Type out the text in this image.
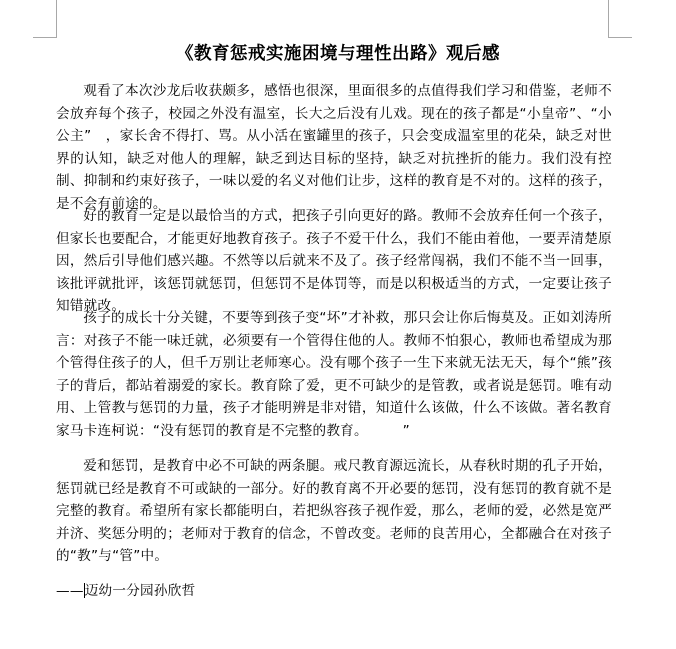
《教育惩戒实施困境与理性出路》观后感

观看了本次沙龙后收获颇多，感悟也很深，里面很多的点值得我们学习和借鉴，老师不会放弃每个孩子，校园之外没有温室，长大之后没有儿戏。现在的孩子都是“小皇帝”、“小公主”　，家长舍不得打、骂。从小活在蜜罐里的孩子，只会变成温室里的花朵，缺乏对世界的认知，缺乏对他人的理解，缺乏到达目标的坚持，缺乏对抗挫折的能力。我们没有控制、抑制和约束好孩子，一味以爱的名义对他们让步，这样的教育是不对的。这样的孩子，是不会有前途的。

好的教育一定是以最恰当的方式，把孩子引向更好的路。教师不会放弃任何一个孩子，但家长也要配合，才能更好地教育孩子。孩子不爱干什么，我们不能由着他，一要弄清楚原因，然后引导他们感兴趣。不然等以后就来不及了。孩子经常闯祸，我们不能不当一回事，该批评就批评，该惩罚就惩罚，但惩罚不是体罚等，而是以积极适当的方式，一定要让孩子知错就改。

孩子的成长十分关键，不要等到孩子变“坏”才补救，那只会让你后悔莫及。正如刘涛所言：对孩子不能一味迁就，必须要有一个管得住他的人。教师不怕狠心，教师也希望成为那个管得住孩子的人，但千万别让老师寒心。没有哪个孩子一生下来就无法无天，每个“熊”孩子的背后，都站着溺爱的家长。教育除了爱，更不可缺少的是管教，或者说是惩罚。唯有动用、上管教与惩罚的力量，孩子才能明辨是非对错，知道什么该做，什么不该做。著名教育家马卡连柯说：“没有惩罚的教育是不完整的教育。　　　”

爱和惩罚，是教育中必不可缺的两条腿。戒尺教育源远流长，从春秋时期的孔子开始，惩罚就已经是教育不可或缺的一部分。好的教育离不开必要的惩罚，没有惩罚的教育就不是完整的教育。希望所有家长都能明白，若把纵容孩子视作爱，那么，老师的爱，必然是宽严并济、奖惩分明的；老师对于教育的信念，不曾改变。老师的良苦用心，全都融合在对孩子的“教”与“管”中。

——迈幼一分园孙欣哲
